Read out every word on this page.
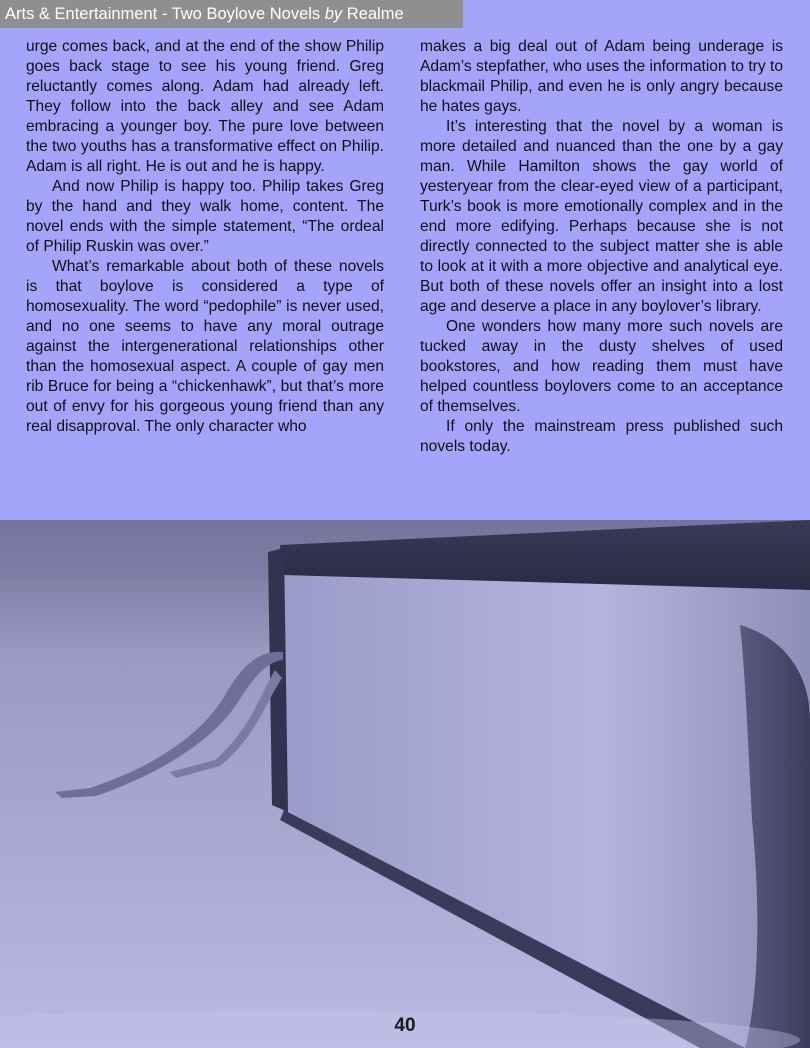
Arts & Entertainment - Two Boylove Novels by Realme

urge comes back, and at the end of the show Philip goes back stage to see his young friend. Greg reluctantly comes along. Adam had already left. They follow into the back alley and see Adam embracing a younger boy. The pure love between the two youths has a transformative effect on Philip. Adam is all right. He is out and he is happy.

And now Philip is happy too. Philip takes Greg by the hand and they walk home, content. The novel ends with the simple statement, “The ordeal of Philip Ruskin was over.”

What’s remarkable about both of these novels is that boylove is considered a type of homosexuality. The word “pedophile” is never used, and no one seems to have any moral outrage against the intergenerational relationships other than the homosexual aspect. A couple of gay men rib Bruce for being a “chickenhawk”, but that’s more out of envy for his gorgeous young friend than any real disapproval. The only character who

makes a big deal out of Adam being underage is Adam’s stepfather, who uses the information to try to blackmail Philip, and even he is only angry because he hates gays.

It’s interesting that the novel by a woman is more detailed and nuanced than the one by a gay man. While Hamilton shows the gay world of yesteryear from the clear-eyed view of a participant, Turk’s book is more emotionally complex and in the end more edifying. Perhaps because she is not directly connected to the subject matter she is able to look at it with a more objective and analytical eye. But both of these novels offer an insight into a lost age and deserve a place in any boylover’s library.

One wonders how many more such novels are tucked away in the dusty shelves of used bookstores, and how reading them must have helped countless boylovers come to an acceptance of themselves.

If only the mainstream press published such novels today.

40
